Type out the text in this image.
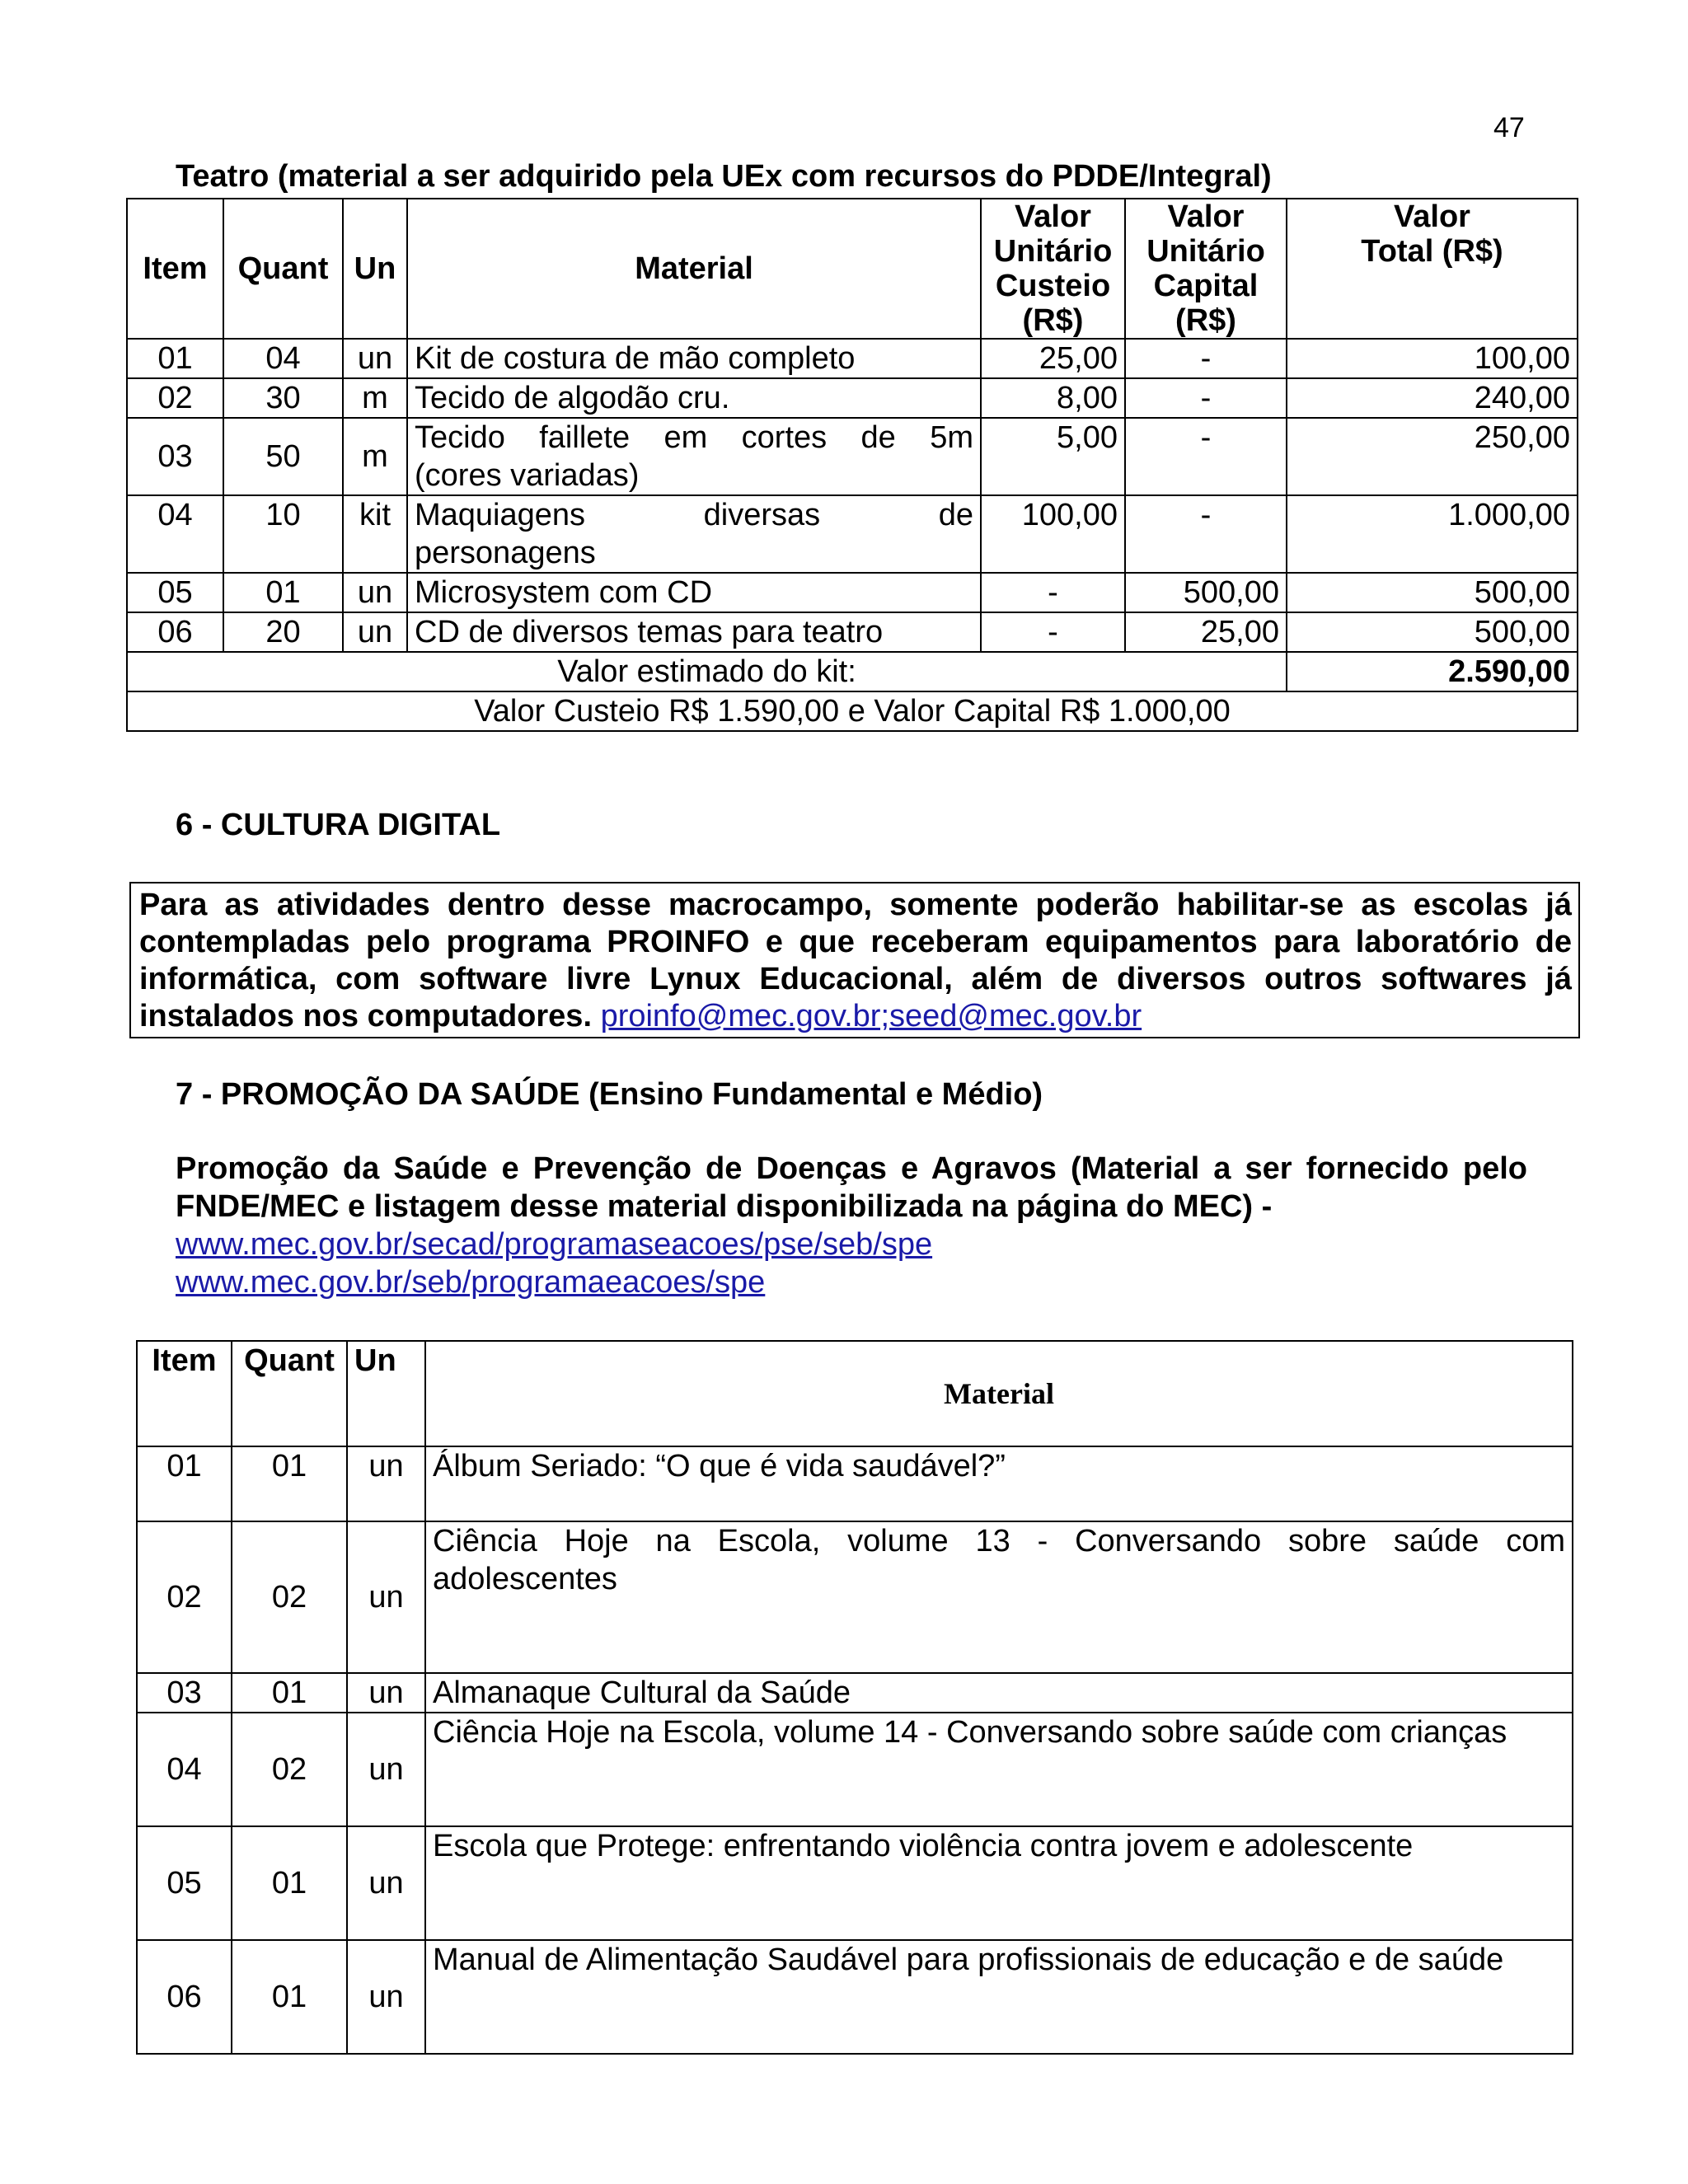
47
Teatro (material a ser adquirido pela UEx com recursos do PDDE/Integral)
Item	Quant	Un	Material	Valor
Unitário
Custeio
(R$)	Valor
Unitário
Capital
(R$)	Valor
Total (R$)
01	04	un	Kit de costura de mão completo	25,00	-	100,00
02	30	m	Tecido de algodão cru.	8,00	-	240,00
03	50	m	Tecido faillete em cortes de 5m
(cores variadas)	5,00	-	250,00
04	10	kit	Maquiagens diversas de
personagens	100,00	-	1.000,00
05	01	un	Microsystem com CD	-	500,00	500,00
06	20	un	CD de diversos temas para teatro	-	25,00	500,00
Valor estimado do kit:						2.590,00
Valor Custeio R$ 1.590,00 e Valor Capital R$ 1.000,00						
6 - CULTURA DIGITAL
Para as atividades dentro desse macrocampo, somente poderão habilitar-se as escolas já contempladas pelo programa PROINFO e que receberam equipamentos para laboratório de informática, com software livre Lynux Educacional, além de diversos outros softwares já instalados nos computadores. proinfo@mec.gov.br;seed@mec.gov.br
7 - PROMOÇÃO DA SAÚDE (Ensino Fundamental e Médio)
Promoção da Saúde e Prevenção de Doenças e Agravos (Material a ser fornecido pelo FNDE/MEC e listagem desse material disponibilizada na página do MEC) -
www.mec.gov.br/secad/programaseacoes/pse/seb/spe
www.mec.gov.br/seb/programaeacoes/spe
Item	Quant	Un	Material
01	01	un	Álbum Seriado: “O que é vida saudável?”
02	02	un	Ciência Hoje na Escola, volume 13 - Conversando sobre saúde com adolescentes
03	01	un	Almanaque Cultural da Saúde
04	02	un	Ciência Hoje na Escola, volume 14 - Conversando sobre saúde com crianças
05	01	un	Escola que Protege: enfrentando violência contra jovem e adolescente
06	01	un	Manual de Alimentação Saudável para profissionais de educação e de saúde
